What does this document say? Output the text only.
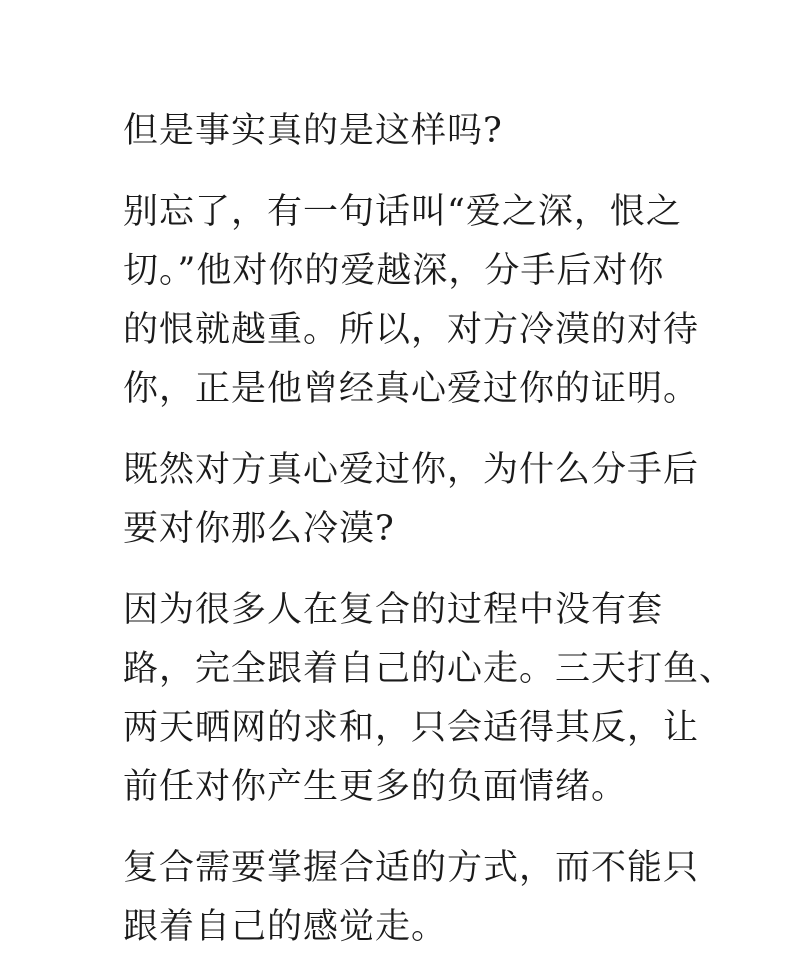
但是事实真的是这样吗?

别忘了，有一句话叫“爱之深，恨之
切。”他对你的爱越深，分手后对你
的恨就越重。所以，对方冷漠的对待
你，正是他曾经真心爱过你的证明。

既然对方真心爱过你，为什么分手后
要对你那么冷漠?

因为很多人在复合的过程中没有套
路，完全跟着自己的心走。三天打鱼、
两天晒网的求和，只会适得其反，让
前任对你产生更多的负面情绪。

复合需要掌握合适的方式，而不能只
跟着自己的感觉走。
